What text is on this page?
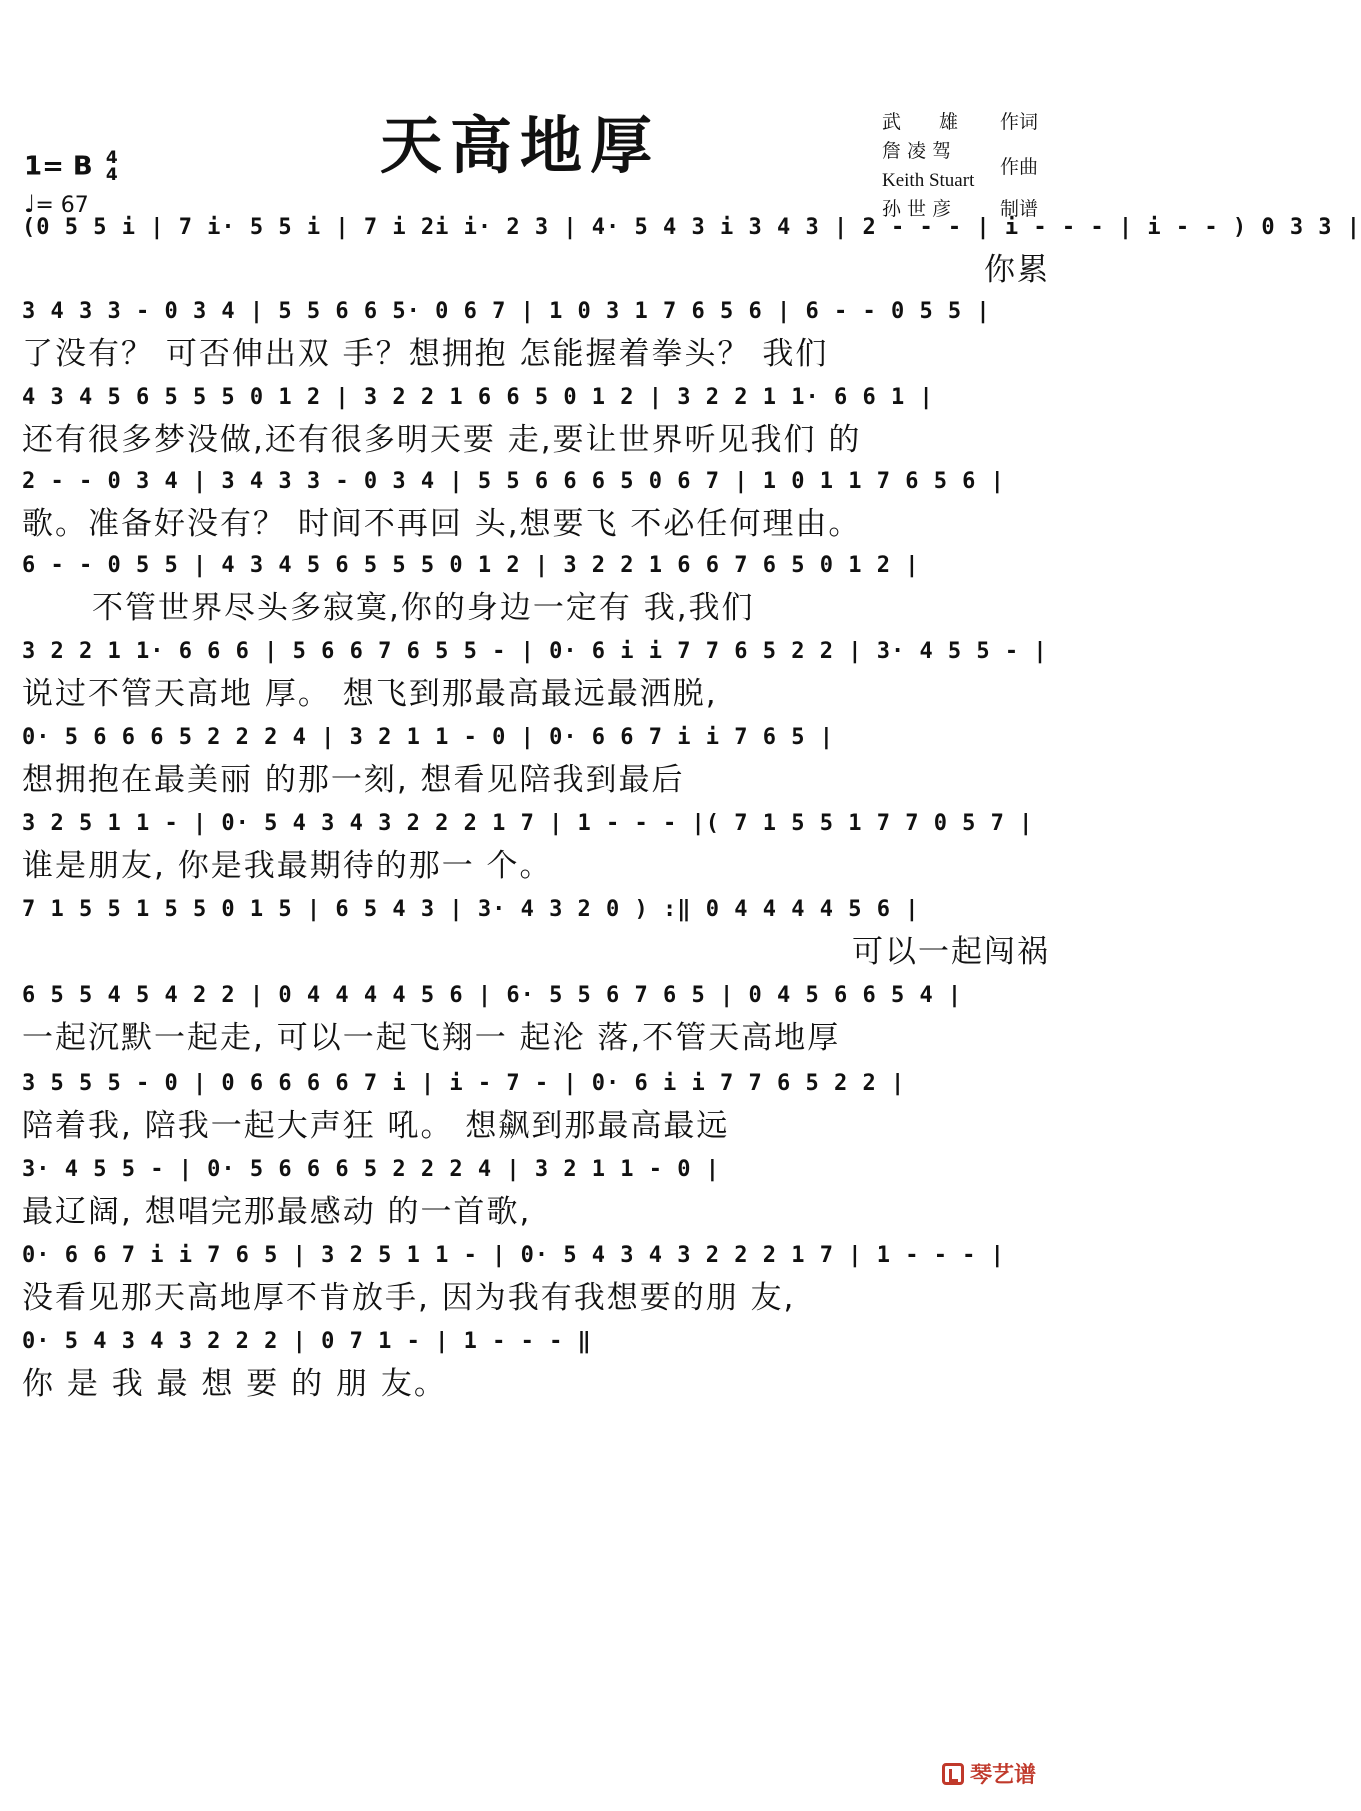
天高地厚	武　　雄 作词
詹 凌 驾
作曲
Keith Stuart
孙 世 彦	制谱
1= B 4
4
♩= 67
(0 5 5 i | 7 i· 5 5 i | 7 i 2i i· 2 3 | 4· 5 4 3 i 3 4 3 | 2 - - - | i - - - | i - - ) 0 3 3 |
你累
3 4 3 3 - 0 3 4 | 5 5 6 6 5· 0 6 7 | 1 0 3 1 7 6 5 6 | 6 - - 0 5 5 |
了没有？ 可否伸出双 手？想拥抱 怎能握着拳头？ 我们
4 3 4 5 6 5 5 5 0 1 2 | 3 2 2 1 6 6 5 0 1 2 | 3 2 2 1 1· 6 6 1 |
还有很多梦没做,还有很多明天要 走,要让世界听见我们 的
2 - - 0 3 4 | 3 4 3 3 - 0 3 4 | 5 5 6 6 6 5 0 6 7 | 1 0 1 1 7 6 5 6 |
歌。准备好没有？ 时间不再回 头,想要飞 不必任何理由。
6 - - 0 5 5 | 4 3 4 5 6 5 5 5 0 1 2 | 3 2 2 1 6 6 7 6 5 0 1 2 |
不管世界尽头多寂寞,你的身边一定有 我,我们
3 2 2 1 1· 6 6 6 | 5 6 6 7 6 5 5 - | 0· 6 i i 7 7 6 5 2 2 | 3· 4 5 5 - |
说过不管天高地 厚。 想飞到那最高最远最洒脱,
0· 5 6 6 6 5 2 2 2 4 | 3 2 1 1 - 0 | 0· 6 6 7 i i 7 6 5 |
想拥抱在最美丽 的那一刻, 想看见陪我到最后
3 2 5 1 1 - | 0· 5 4 3 4 3 2 2 2 1 7 | 1 - - - |( 7 1 5 5 1 7 7 0 5 7 |
谁是朋友, 你是我最期待的那一 个。
7 1 5 5 1 5 5 0 1 5 | 6 5 4 3 | 3· 4 3 2 0 ) :‖ 0 4 4 4 4 5 6 |
可以一起闯祸
6 5 5 4 5 4 2 2 | 0 4 4 4 4 5 6 | 6· 5 5 6 7 6 5 | 0 4 5 6 6 5 4 |
一起沉默一起走, 可以一起飞翔一 起沦 落,不管天高地厚
3 5 5 5 - 0 | 0 6 6 6 6 7 i | i - 7 - | 0· 6 i i 7 7 6 5 2 2 |
陪着我, 陪我一起大声狂 吼。 想飙到那最高最远
3· 4 5 5 - | 0· 5 6 6 6 5 2 2 2 4 | 3 2 1 1 - 0 |
最辽阔, 想唱完那最感动 的一首歌,
0· 6 6 7 i i 7 6 5 | 3 2 5 1 1 - | 0· 5 4 3 4 3 2 2 2 1 7 | 1 - - - |
没看见那天高地厚不肯放手, 因为我有我想要的朋 友,
0· 5 4 3 4 3 2 2 2 | 0 7 1 - | 1 - - - ‖
你 是 我 最 想 要 的 朋 友。
琴艺谱
